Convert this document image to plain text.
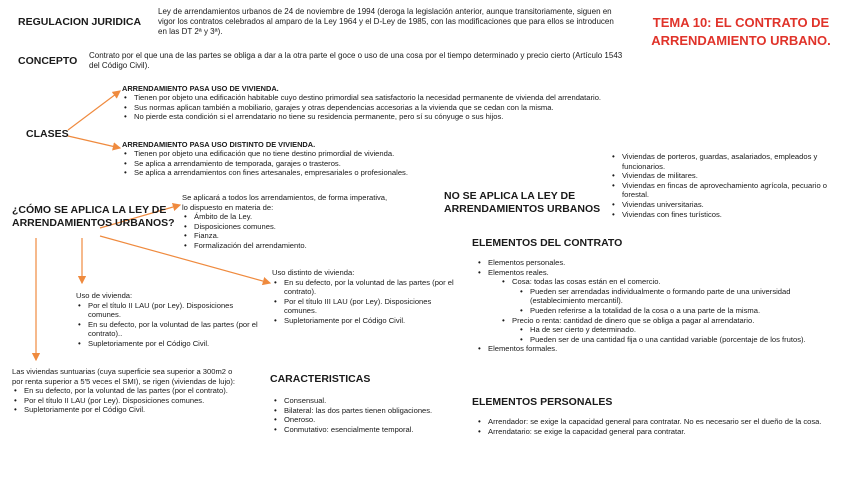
TEMA 10: EL CONTRATO DE
ARRENDAMIENTO URBANO.
REGULACION JURIDICA
Ley de arrendamientos urbanos de 24 de noviembre de 1994 (deroga la legislación anterior, aunque transitoriamente, siguen en vigor los contratos celebrados al amparo de la Ley 1964 y el D-Ley de 1985, con las modificaciones que para ellos se introducen en las DT 2ª y 3ª).
CONCEPTO Contrato por el que una de las partes se obliga a dar a la otra parte el goce o uso de una cosa por el tiempo determinado y precio cierto (Artículo 1543 del Código Civil).
CLASES
ARRENDAMIENTO PASA USO DE VIVIENDA.
• Tienen por objeto una edificación habitable cuyo destino primordial sea satisfactorio la necesidad permanente de vivienda del arrendatario.
• Sus normas aplican también a mobiliario, garajes y otras dependencias accesorias a la vivienda que se cedan con la misma.
• No pierde esta condición si el arrendatario no tiene su residencia permanente, pero sí su cónyuge o sus hijos.
ARRENDAMIENTO PASA USO DISTINTO DE VIVIENDA.
• Tienen por objeto una edificación que no tiene destino primordial de vivienda.
• Se aplica a arrendamiento de temporada, garajes o trasteros.
• Se aplica a arrendamientos con fines artesanales, empresariales o profesionales.
¿CÓMO SE APLICA LA LEY DE ARRENDAMIENTOS URBANOS?
Se aplicará a todos los arrendamientos, de forma imperativa, lo dispuesto en materia de:
• Ámbito de la Ley.
• Disposiciones comunes.
• Fianza.
• Formalización del arrendamiento.
Uso distinto de vivienda:
• En su defecto, por la voluntad de las partes (por el contrato).
• Por el título III LAU (por Ley). Disposiciones comunes.
• Supletoriamente por el Código Civil.
Uso de vivienda:
• Por el título II LAU (por Ley). Disposiciones comunes.
• En su defecto, por la voluntad de las partes (por el contrato)..
• Supletoriamente por el Código Civil.
Las viviendas suntuarias (cuya superficie sea superior a 300m2 o por renta superior a 5'5 veces el SMI), se rigen (viviendas de lujo):
• En su defecto, por la voluntad de las partes (por el contrato).
• Por el título II LAU (por Ley). Disposiciones comunes.
• Supletoriamente por el Código Civil.
CARACTERISTICAS
• Consensual.
• Bilateral: las dos partes tienen obligaciones.
• Oneroso.
• Conmutativo: esencialmente temporal.
NO SE APLICA LA LEY DE ARRENDAMIENTOS URBANOS
• Viviendas de porteros, guardas, asalariados, empleados y funcionarios.
• Viviendas de militares.
• Viviendas en fincas de aprovechamiento agrícola, pecuario o forestal.
• Viviendas universitarias.
• Viviendas con fines turísticos.
ELEMENTOS DEL CONTRATO
• Elementos personales.
• Elementos reales.
• Cosa: todas las cosas están en el comercio.
• Pueden ser arrendadas individualmente o formando parte de una universidad (establecimiento mercantil).
• Pueden referirse a la totalidad de la cosa o a una parte de la misma.
• Precio o renta: cantidad de dinero que se obliga a pagar al arrendatario.
• Ha de ser cierto y determinado.
• Pueden ser de una cantidad fija o una cantidad variable (porcentaje de los frutos).
• Elementos formales.
ELEMENTOS PERSONALES
• Arrendador: se exige la capacidad general para contratar. No es necesario ser el dueño de la cosa.
• Arrendatario: se exige la capacidad general para contratar.
